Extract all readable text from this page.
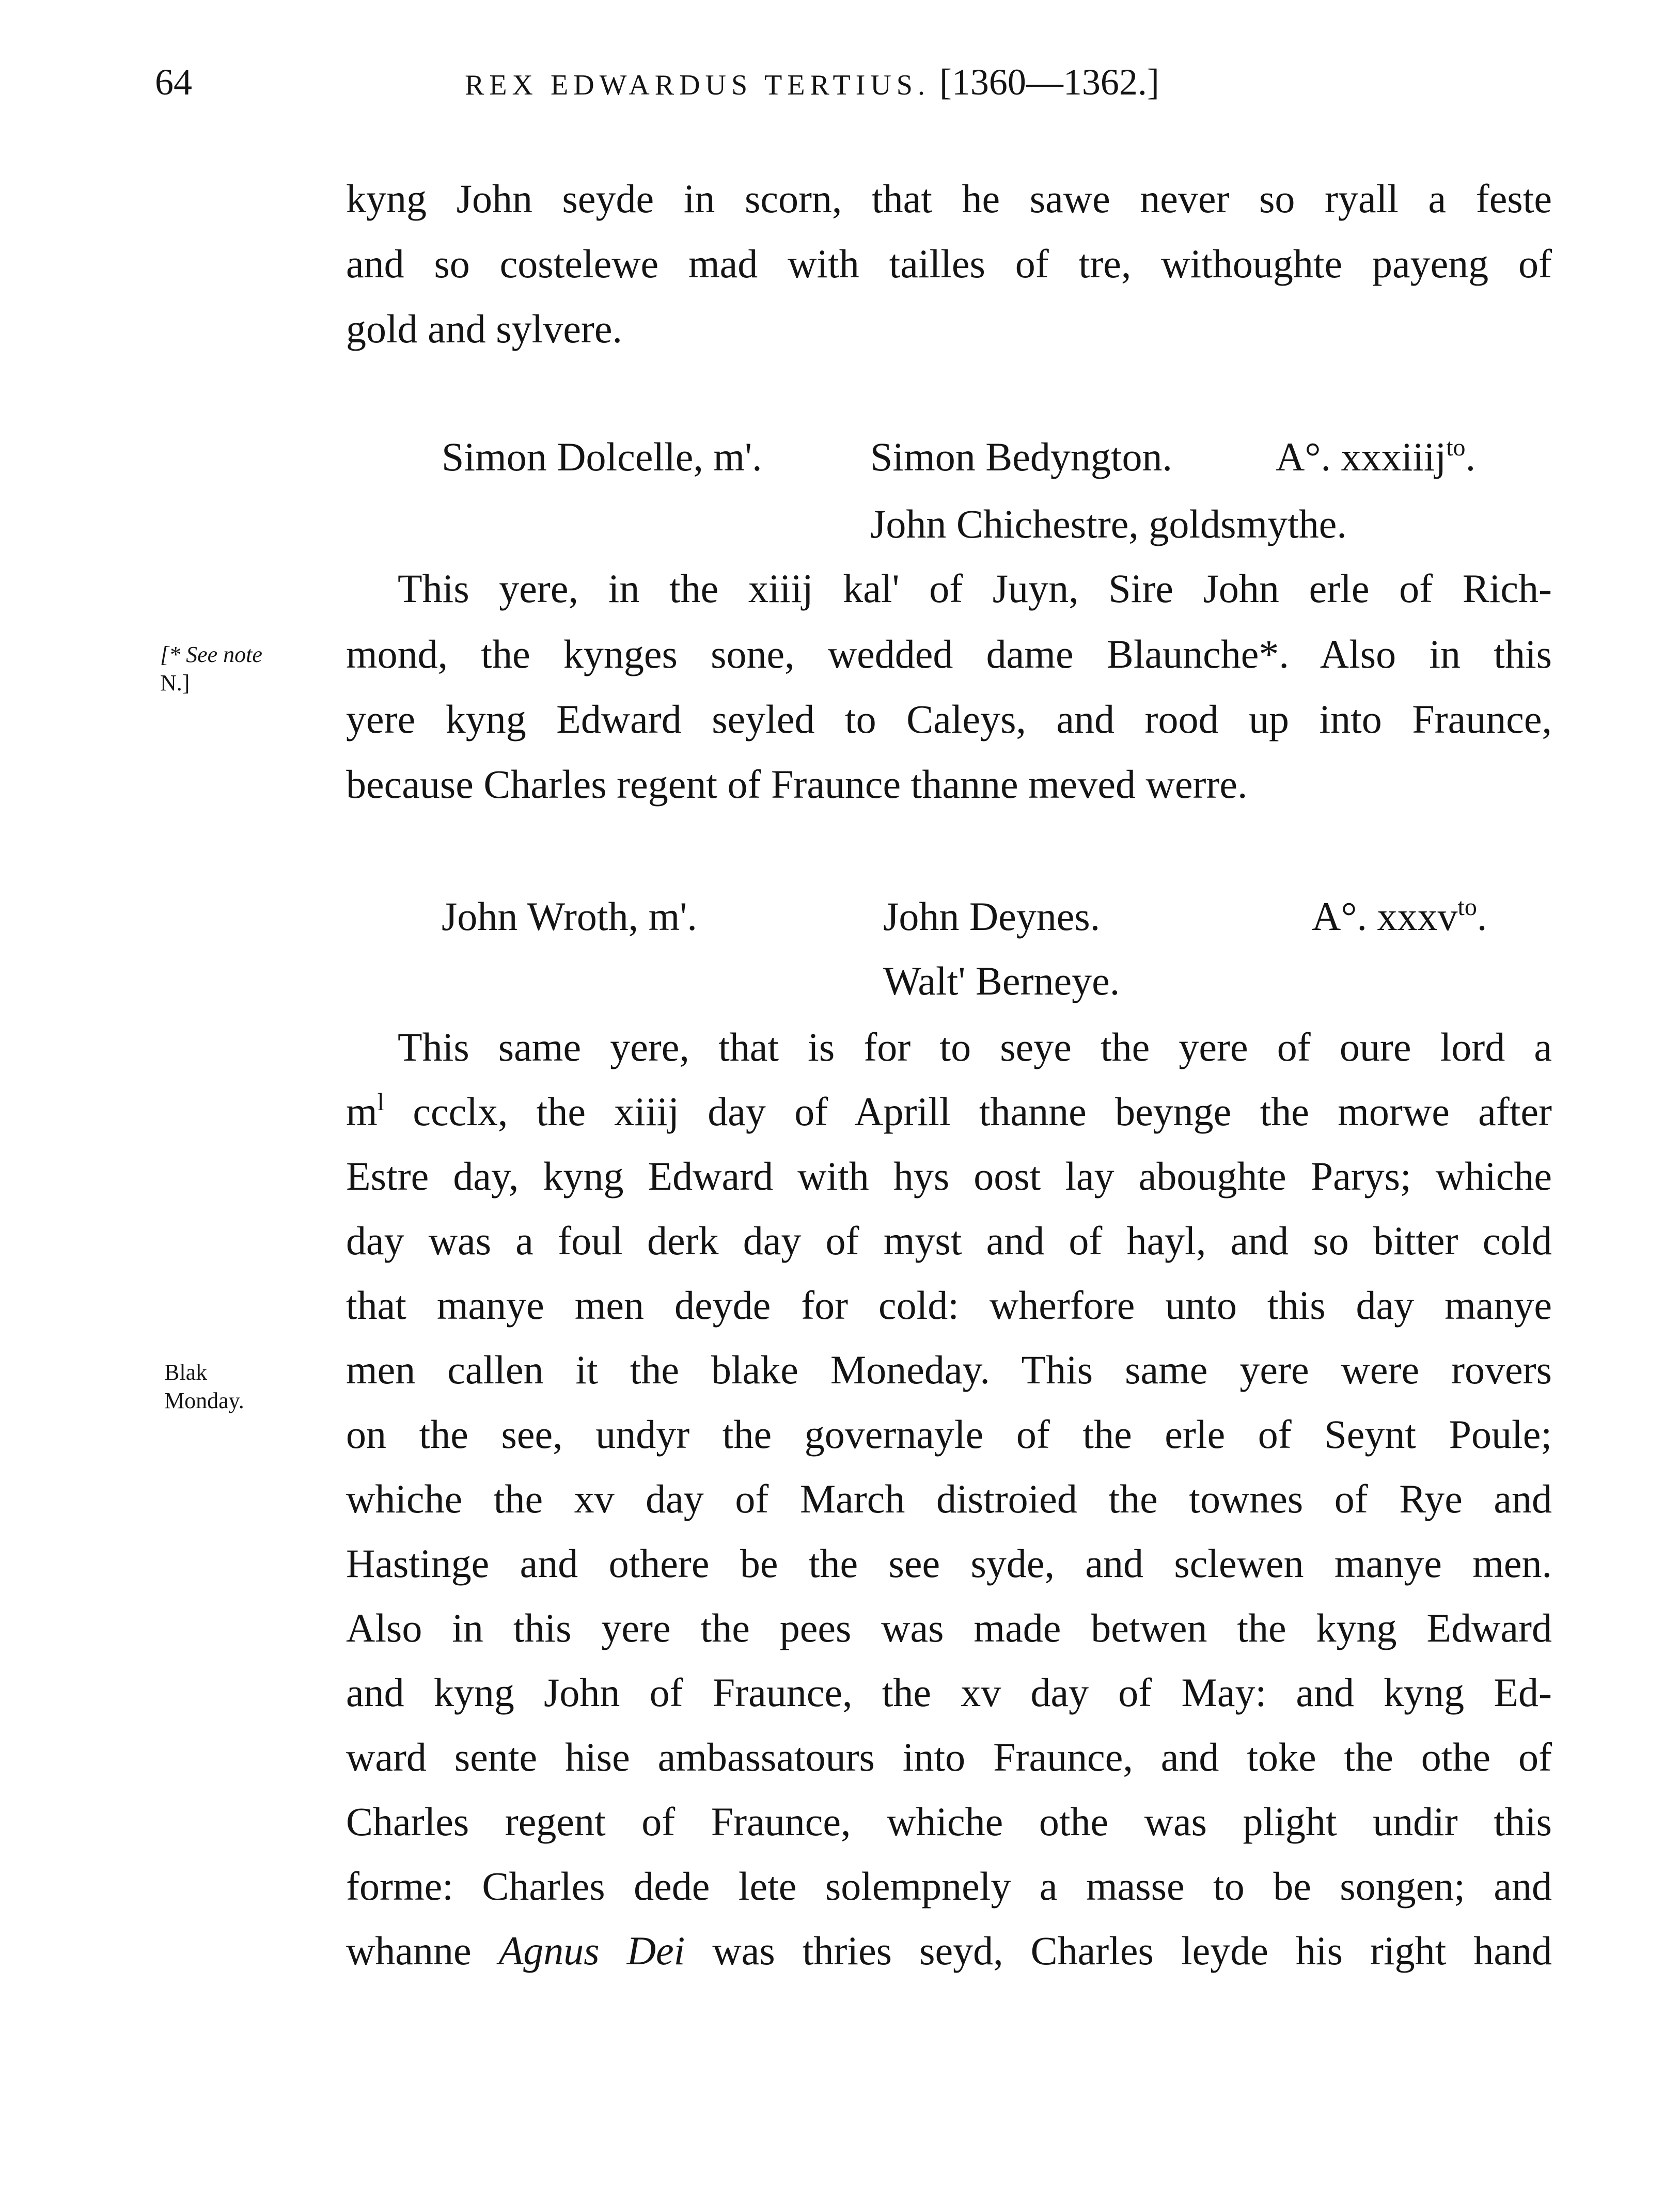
64	REX EDWARDUS TERTIUS. [1360—1362.]
kyng John seyde in scorn, that he sawe never so ryall a feste
and so costelewe mad with tailles of tre, withoughte payeng of
gold and sylvere.
Simon Dolcelle, m'.	Simon Bedyngton.	A°. xxxiiij$^{to}$.
John Chichestre, goldsmythe.
This yere, in the xiiij kal' of Juyn, Sire John erle of Rich-
mond, the kynges sone, wedded dame Blaunche*. Also in this
yere kyng Edward seyled to Caleys, and rood up into Fraunce,
because Charles regent of Fraunce thanne meved werre.
[* See note
N.]
John Wroth, m'.	John Deynes.	A°. xxxv$^{to}$.
Walt' Berneye.
This same yere, that is for to seye the yere of oure lord a
$m^l$ ccclx, the xiiij day of Aprill thanne beynge the morwe after
Estre day, kyng Edward with hys oost lay aboughte Parys; whiche
day was a foul derk day of myst and of hayl, and so bitter cold
that manye men deyde for cold: wherfore unto this day manye
men callen it the blake Moneday. This same yere were rovers
on the see, undyr the governayle of the erle of Seynt Poule;
whiche the xv day of March distroied the townes of Rye and
Hastinge and othere be the see syde, and sclewen manye men.
Also in this yere the pees was made betwen the kyng Edward
and kyng John of Fraunce, the xv day of May: and kyng Ed-
ward sente hise ambassatours into Fraunce, and toke the othe of
Charles regent of Fraunce, whiche othe was plight undir this
forme: Charles dede lete solempnely a masse to be songen; and
whanne Agnus Dei was thries seyd, Charles leyde his right hand
Blak
Monday.
